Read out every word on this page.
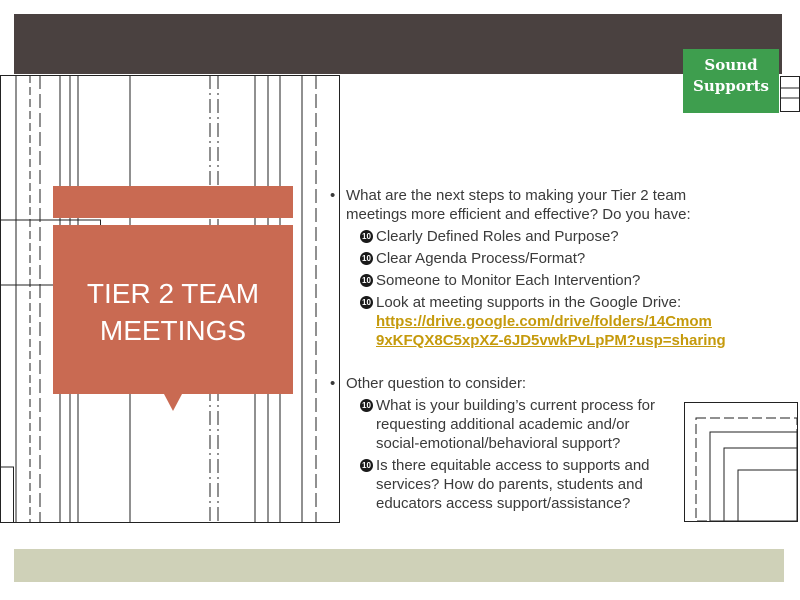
Sound
Supports
TIER 2 TEAM
MEETINGS
• What are the next steps to making your Tier 2 team meetings more efficient and effective? Do you have:
10 Clearly Defined Roles and Purpose?
10 Clear Agenda Process/Format?
10 Someone to Monitor Each Intervention?
10 Look at meeting supports in the Google Drive:
https://drive.google.com/drive/folders/14Cmom
9xKFQX8C5xpXZ-6JD5vwkPvLpPM?usp=sharing
• Other question to consider:
10 What is your building’s current process for requesting additional academic and/or social-emotional/behavioral support?
10 Is there equitable access to supports and services? How do parents, students and educators access support/assistance?
